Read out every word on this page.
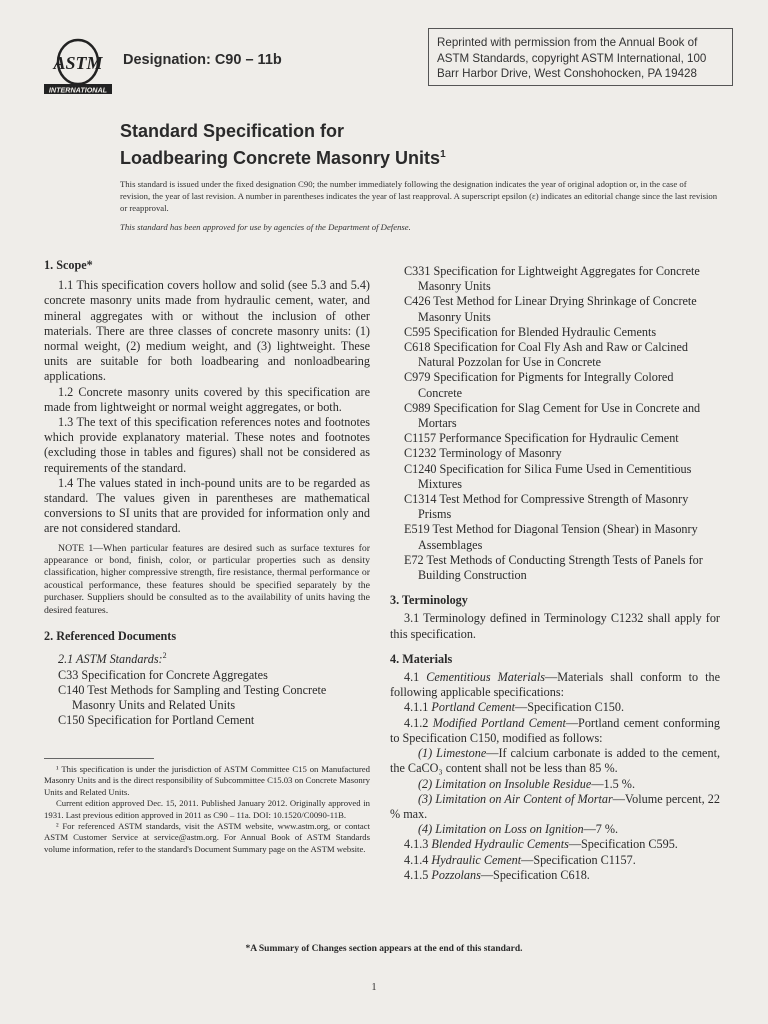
ASTM
INTERNATIONAL
Designation: C90 – 11b
Reprinted with permission from the Annual Book of ASTM Standards, copyright ASTM International, 100 Barr Harbor Drive, West Conshohocken, PA 19428
Standard Specification for
Loadbearing Concrete Masonry Units$^1$
This standard is issued under the fixed designation C90; the number immediately following the designation indicates the year of original adoption or, in the case of revision, the year of last revision. A number in parentheses indicates the year of last reapproval. A superscript epsilon (ε) indicates an editorial change since the last revision or reapproval.
This standard has been approved for use by agencies of the Department of Defense.

1. Scope*

1.1 This specification covers hollow and solid (see 5.3 and 5.4) concrete masonry units made from hydraulic cement, water, and mineral aggregates with or without the inclusion of other materials. There are three classes of concrete masonry units: (1) normal weight, (2) medium weight, and (3) lightweight. These units are suitable for both loadbearing and nonloadbearing applications.

1.2 Concrete masonry units covered by this specification are made from lightweight or normal weight aggregates, or both.

1.3 The text of this specification references notes and footnotes which provide explanatory material. These notes and footnotes (excluding those in tables and figures) shall not be considered as requirements of the standard.

1.4 The values stated in inch-pound units are to be regarded as standard. The values given in parentheses are mathematical conversions to SI units that are provided for information only and are not considered standard.

NOTE 1—When particular features are desired such as surface textures for appearance or bond, finish, color, or particular properties such as density classification, higher compressive strength, fire resistance, thermal performance or acoustical performance, these features should be specified separately by the purchaser. Suppliers should be consulted as to the availability of units having the desired features.

2. Referenced Documents

2.1 ASTM Standards:$^2$

C33 Specification for Concrete Aggregates

C140 Test Methods for Sampling and Testing Concrete Masonry Units and Related Units

C150 Specification for Portland Cement

¹ This specification is under the jurisdiction of ASTM Committee C15 on Manufactured Masonry Units and is the direct responsibility of Subcommittee C15.03 on Concrete Masonry Units and Related Units.

Current edition approved Dec. 15, 2011. Published January 2012. Originally approved in 1931. Last previous edition approved in 2011 as C90 – 11a. DOI: 10.1520/C0090-11B.

² For referenced ASTM standards, visit the ASTM website, www.astm.org, or contact ASTM Customer Service at service@astm.org. For Annual Book of ASTM Standards volume information, refer to the standard's Document Summary page on the ASTM website.

C331 Specification for Lightweight Aggregates for Concrete Masonry Units

C426 Test Method for Linear Drying Shrinkage of Concrete Masonry Units

C595 Specification for Blended Hydraulic Cements

C618 Specification for Coal Fly Ash and Raw or Calcined Natural Pozzolan for Use in Concrete

C979 Specification for Pigments for Integrally Colored Concrete

C989 Specification for Slag Cement for Use in Concrete and Mortars

C1157 Performance Specification for Hydraulic Cement

C1232 Terminology of Masonry

C1240 Specification for Silica Fume Used in Cementitious Mixtures

C1314 Test Method for Compressive Strength of Masonry Prisms

E519 Test Method for Diagonal Tension (Shear) in Masonry Assemblages

E72 Test Methods of Conducting Strength Tests of Panels for Building Construction

3. Terminology

3.1 Terminology defined in Terminology C1232 shall apply for this specification.

4. Materials

4.1 Cementitious Materials—Materials shall conform to the following applicable specifications:

4.1.1 Portland Cement—Specification C150.

4.1.2 Modified Portland Cement—Portland cement conforming to Specification C150, modified as follows:

(1) Limestone—If calcium carbonate is added to the cement, the CaCO₃ content shall not be less than 85 %.

(2) Limitation on Insoluble Residue—1.5 %.

(3) Limitation on Air Content of Mortar—Volume percent, 22 % max.

(4) Limitation on Loss on Ignition—7 %.

4.1.3 Blended Hydraulic Cements—Specification C595.

4.1.4 Hydraulic Cement—Specification C1157.

4.1.5 Pozzolans—Specification C618.

*A Summary of Changes section appears at the end of this standard.
1
